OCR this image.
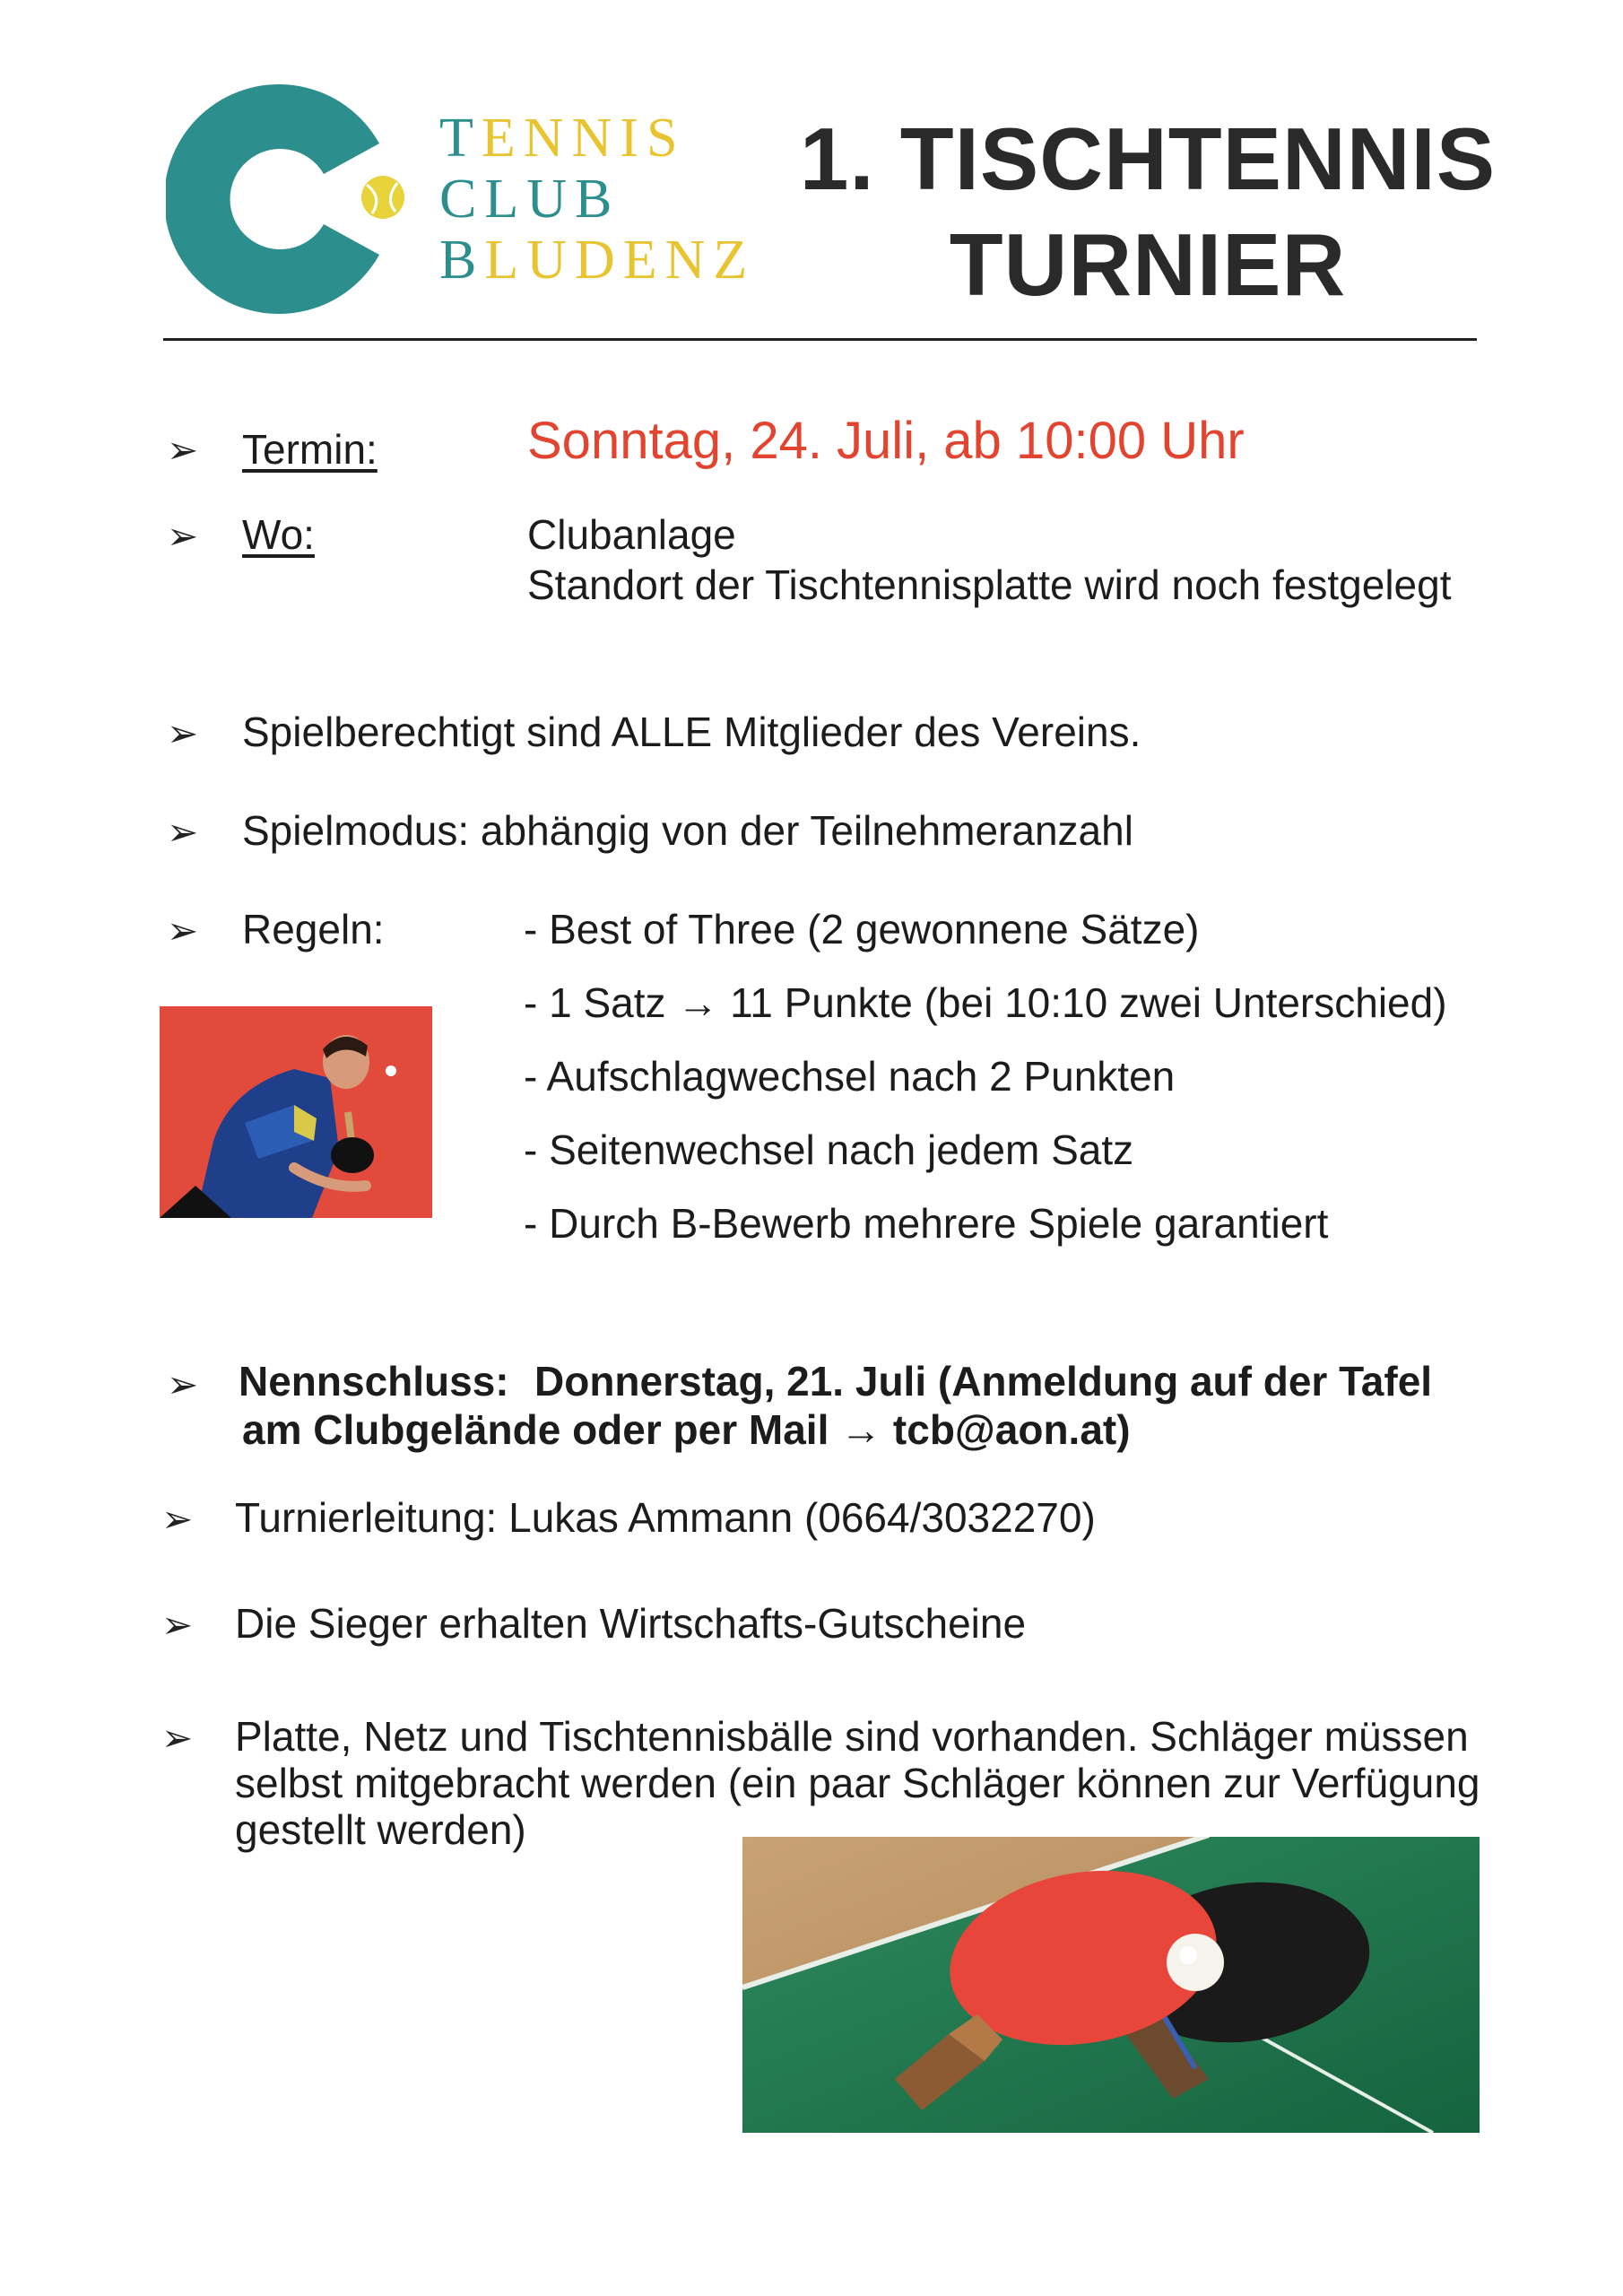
TENNIS
CLUB
BLUDENZ
1. TISCHTENNIS
TURNIER
➢ Termin:	Sonntag, 24. Juli, ab 10:00 Uhr
➢ Wo:	Clubanlage
Standort der Tischtennisplatte wird noch festgelegt
➢ Spielberechtigt sind ALLE Mitglieder des Vereins.
➢ Spielmodus: abhängig von der Teilnehmeranzahl
➢ Regeln:	- Best of Three (2 gewonnene Sätze)
- 1 Satz → 11 Punkte (bei 10:10 zwei Unterschied)
- Aufschlagwechsel nach 2 Punkten
- Seitenwechsel nach jedem Satz
- Durch B-Bewerb mehrere Spiele garantiert
➢ Nennschluss: Donnerstag, 21. Juli (Anmeldung auf der Tafel
am Clubgelände oder per Mail → tcb@aon.at)
➢ Turnierleitung: Lukas Ammann (0664/3032270)
➢ Die Sieger erhalten Wirtschafts-Gutscheine
➢ Platte, Netz und Tischtennisbälle sind vorhanden. Schläger müssen
selbst mitgebracht werden (ein paar Schläger können zur Verfügung
gestellt werden)
